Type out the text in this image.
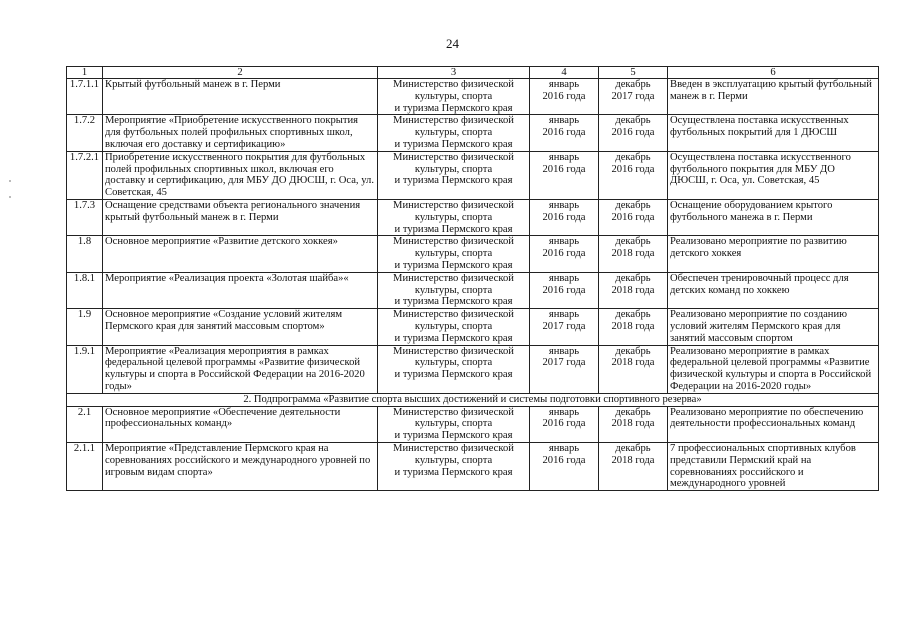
24
1	2	3	4	5	6
1.7.1.1	Крытый футбольный манеж в г. Перми	Министерство физической
культуры, спорта
и туризма Пермского края	январь
2016 года	декабрь
2017 года	Введен в эксплуатацию крытый футбольный манеж в г. Перми
1.7.2	Мероприятие «Приобретение искусственного покрытия для футбольных полей профильных спортивных школ, включая его доставку и сертификацию»	Министерство физической
культуры, спорта
и туризма Пермского края	январь
2016 года	декабрь
2016 года	Осуществлена поставка искусственных футбольных покрытий для 1 ДЮСШ
1.7.2.1	Приобретение искусственного покрытия для футбольных полей профильных спортивных школ, включая его доставку и сертификацию, для МБУ ДО ДЮСШ, г. Оса, ул. Советская, 45	Министерство физической
культуры, спорта
и туризма Пермского края	январь
2016 года	декабрь
2016 года	Осуществлена поставка искусственного футбольного покрытия для МБУ ДО ДЮСШ, г. Оса, ул. Советская, 45
1.7.3	Оснащение средствами объекта регионального значения крытый футбольный манеж в г. Перми	Министерство физической
культуры, спорта
и туризма Пермского края	январь
2016 года	декабрь
2016 года	Оснащение оборудованием крытого футбольного манежа в г. Перми
1.8	Основное мероприятие «Развитие детского хоккея»	Министерство физической
культуры, спорта
и туризма Пермского края	январь
2016 года	декабрь
2018 года	Реализовано мероприятие по развитию детского хоккея
1.8.1	Мероприятие «Реализация проекта «Золотая шайба»«	Министерство физической
культуры, спорта
и туризма Пермского края	январь
2016 года	декабрь
2018 года	Обеспечен тренировочный процесс для детских команд по хоккею
1.9	Основное мероприятие «Создание условий жителям Пермского края для занятий массовым спортом»	Министерство физической
культуры, спорта
и туризма Пермского края	январь
2017 года	декабрь
2018 года	Реализовано мероприятие по созданию условий жителям Пермского края для занятий массовым спортом
1.9.1	Мероприятие «Реализация мероприятия в рамках федеральной целевой программы «Развитие физической культуры и спорта в Российской Федерации на 2016-2020 годы»	Министерство физической
культуры, спорта
и туризма Пермского края	январь
2017 года	декабрь
2018 года	Реализовано мероприятие в рамках федеральной целевой программы «Развитие физической культуры и спорта в Российской Федерации на 2016-2020 годы»
2. Подпрограмма «Развитие спорта высших достижений и системы подготовки спортивного резерва»					
2.1	Основное мероприятие «Обеспечение деятельности профессиональных команд»	Министерство физической
культуры, спорта
и туризма Пермского края	январь
2016 года	декабрь
2018 года	Реализовано мероприятие по обеспечению деятельности профессиональных команд
2.1.1	Мероприятие «Представление Пермского края на соревнованиях российского и международного уровней по игровым видам спорта»	Министерство физической
культуры, спорта
и туризма Пермского края	январь
2016 года	декабрь
2018 года	7 профессиональных спортивных клубов представили Пермский край на соревнованиях российского и международного уровней
